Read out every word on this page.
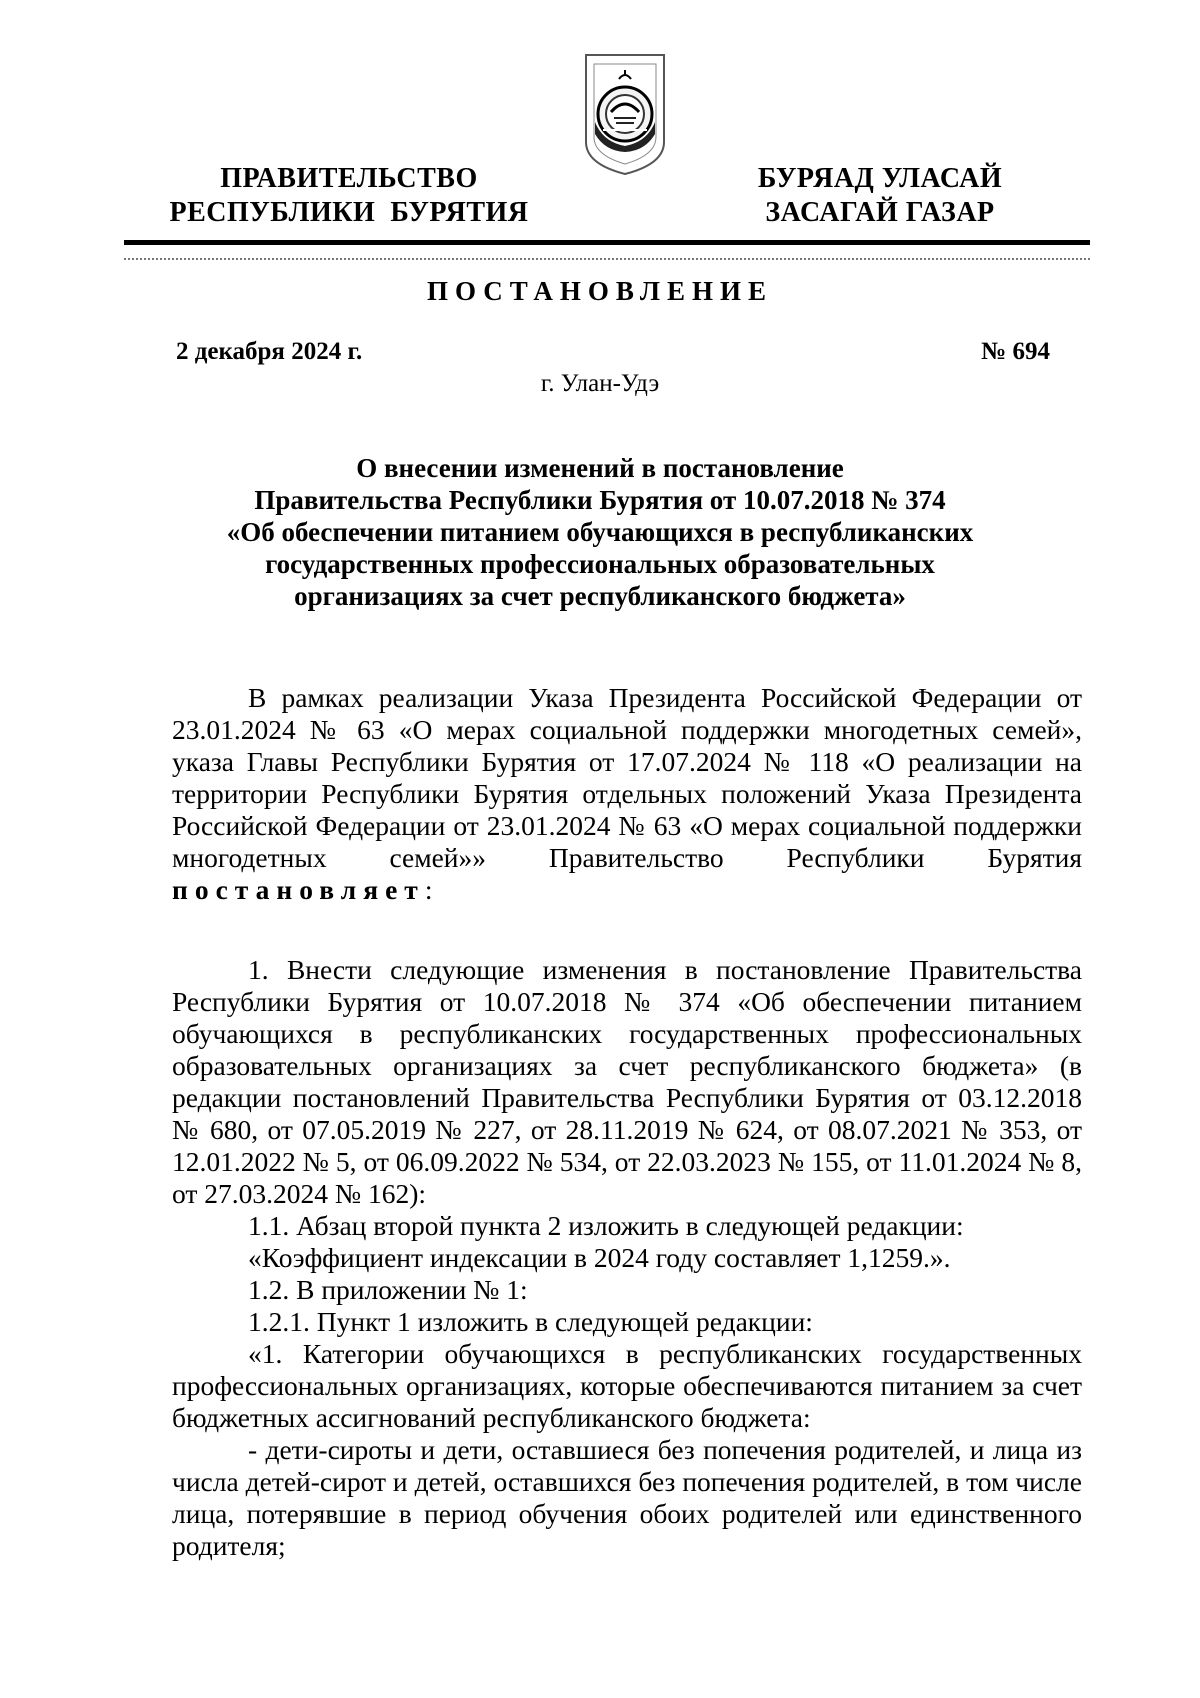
ПРАВИТЕЛЬСТВО
РЕСПУБЛИКИ  БУРЯТИЯ
БУРЯАД УЛАСАЙ
ЗАСАГАЙ ГАЗАР
ПОСТАНОВЛЕНИЕ
2 декабря 2024 г.	№ 694
г. Улан-Удэ
О внесении изменений в постановление
Правительства Республики Бурятия от 10.07.2018 № 374
«Об обеспечении питанием обучающихся в республиканских
государственных профессиональных образовательных
организациях за счет республиканского бюджета»

В рамках реализации Указа Президента Российской Федерации от 23.01.2024 № 63 «О мерах социальной поддержки многодетных семей», указа Главы Республики Бурятия от 17.07.2024 № 118 «О реализации на территории Республики Бурятия отдельных положений Указа Президента Российской Федерации от 23.01.2024 № 63 «О мерах социальной поддержки многодетных семей»» Правительство Республики Бурятия постановляет:

1. Внести следующие изменения в постановление Правительства Республики Бурятия от 10.07.2018 № 374 «Об обеспечении питанием обучающихся в республиканских государственных профессиональных образовательных организациях за счет республиканского бюджета» (в редакции постановлений Правительства Республики Бурятия от 03.12.2018 № 680, от 07.05.2019 № 227, от 28.11.2019 № 624, от 08.07.2021 № 353, от 12.01.2022 № 5, от 06.09.2022 № 534, от 22.03.2023 № 155, от 11.01.2024 № 8, от 27.03.2024 № 162):

1.1. Абзац второй пункта 2 изложить в следующей редакции:

«Коэффициент индексации в 2024 году составляет 1,1259.».

1.2. В приложении № 1:

1.2.1. Пункт 1 изложить в следующей редакции:

«1. Категории обучающихся в республиканских государственных профессиональных организациях, которые обеспечиваются питанием за счет бюджетных ассигнований республиканского бюджета:

- дети-сироты и дети, оставшиеся без попечения родителей, и лица из числа детей-сирот и детей, оставшихся без попечения родителей, в том числе лица, потерявшие в период обучения обоих родителей или единственного родителя;
